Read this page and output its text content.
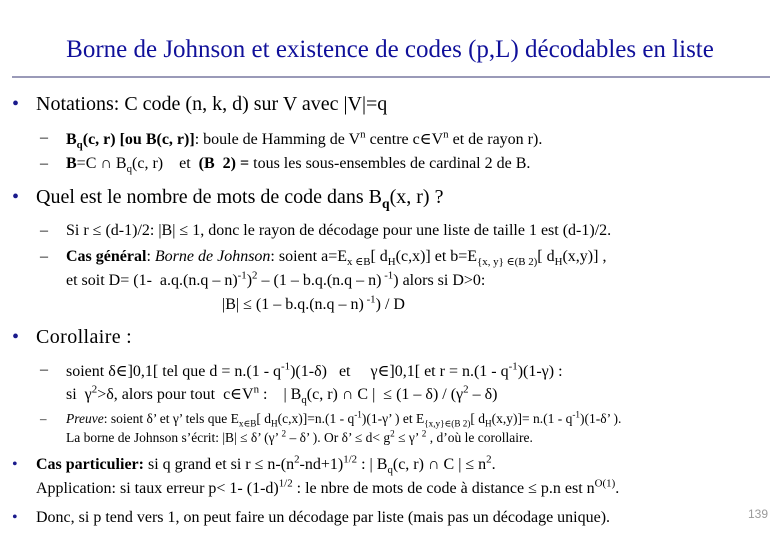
Borne de Johnson et existence de codes (p,L) décodables en liste
• Notations: C code (n, k, d) sur V avec |V|=q
– $B_q(c$, r) [ou B(c, r)]: boule de Hamming de $V^n$ centre $c\in V^n$ et de rayon r).
– B=C ∩ $B_q(c$, r)    et  (B  2) = tous les sous-ensembles de cardinal 2 de B.
• Quel est le nombre de mots de code dans $B_q(x$, r) ?
– Si r ≤ (d-1)/2: |B| ≤ 1, donc le rayon de décodage pour une liste de taille 1 est (d-1)/2.
– Cas général: Borne de Johnson: soient $a=E_{x \in B}$[ $d_H(c,x)$] et $b=E_{\{x, y\} \in(B 2)}$[ $d_H(x,y)$] ,
et soit D= (1-  a.q.(n.q – n)$^{-1}$)$^2$ – (1 – b.q.(n.q – n) $^{-1}$) alors si D>0:
|B| ≤ (1 – b.q.(n.q – n) $^{-1}$) / D
• Corollaire :
– soient δ∈]0,1[ tel que $d = n.(1 - q^{-1})(1-\delta)$   et     γ∈]0,1[ et $r = n.(1 - q^{-1})(1-\gamma)$ :
si  $\gamma^2>\delta$, alors pour tout  $c\in V^n$ :    | $B_q(c$, r) ∩ C |  ≤ $(1 - \delta) / (\gamma^2 - \delta)$
– Preuve: soient δ’ et γ’ tels que $E_{x\in B}$[ $d_H(c,x)]=n.(1 - q^{-1})(1-\gamma$’ ) et $E_{\{x,y\}\in(B 2)}$[ $d_H(x,y)]= n.(1 - q^{-1})(1-\delta$’ ).
La borne de Johnson s’écrit: |B| ≤ δ’ (γ’ $^2$ – δ’ ). Or δ’ ≤ $d< g^2 \le \gamma$’ $^2$ , d’où le corollaire.
• Cas particulier: si q grand et si $r \le n-(n^2-nd+1)^{1/2}$ : | $B_q(c$, r) ∩ C | ≤ $n^2$.
Application: si taux erreur p< 1- $(1-d)^{1/2}$ : le nbre de mots de code à distance ≤ p.n est $n^{O(1)}$.
• Donc, si p tend vers 1, on peut faire un décodage par liste (mais pas un décodage unique).	139
